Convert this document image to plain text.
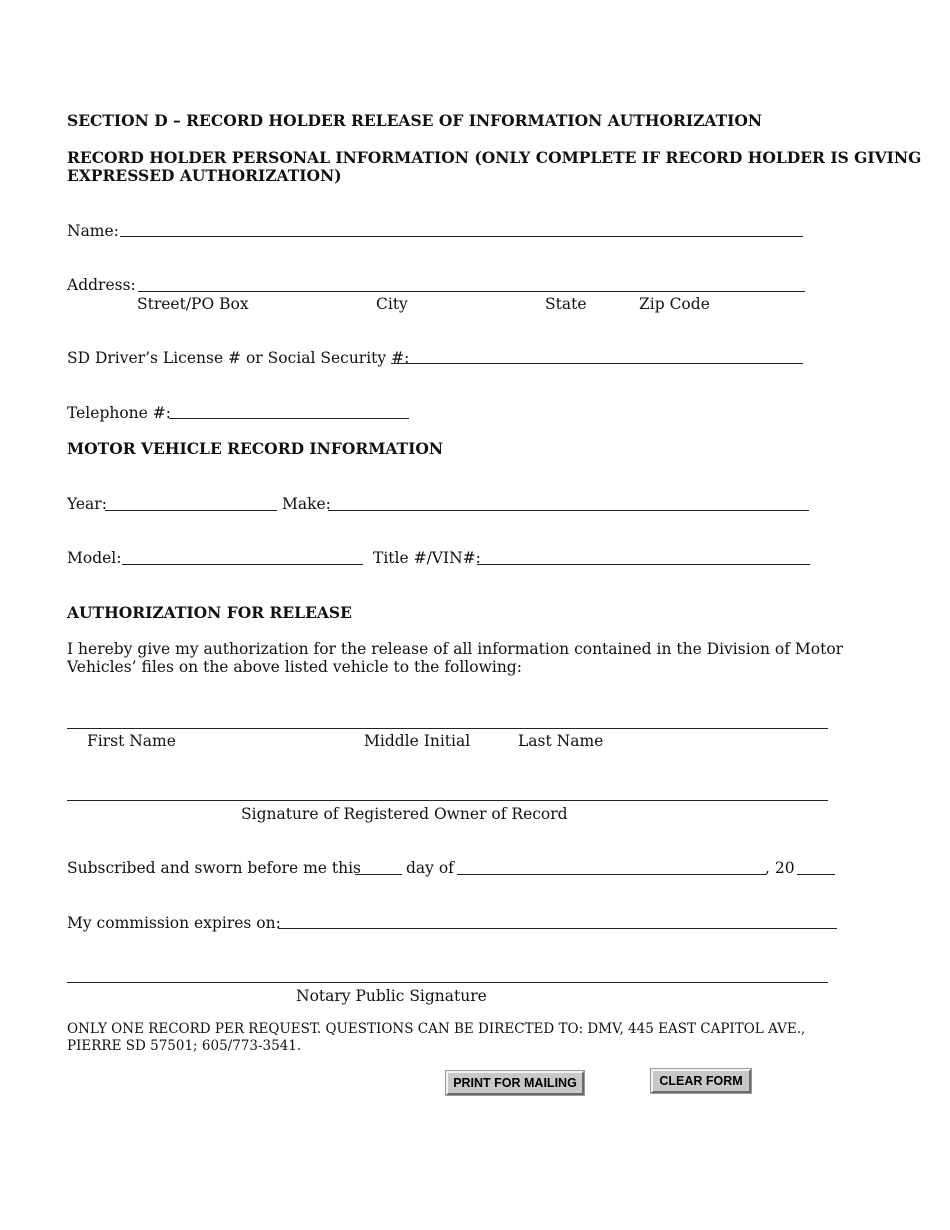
SECTION D – RECORD HOLDER RELEASE OF INFORMATION AUTHORIZATION
RECORD HOLDER PERSONAL INFORMATION (ONLY COMPLETE IF RECORD HOLDER IS GIVING
EXPRESSED AUTHORIZATION)
Name:
Address:
Street/PO Box	City	State	Zip Code
SD Driver’s License # or Social Security #:
Telephone #:
MOTOR VEHICLE RECORD INFORMATION
Year:	Make:
Model:	Title #/VIN#:
AUTHORIZATION FOR RELEASE
I hereby give my authorization for the release of all information contained in the Division of Motor
Vehicles’ files on the above listed vehicle to the following:
First Name	Middle Initial	Last Name
Signature of Registered Owner of Record
Subscribed and sworn before me this	day of	, 20
My commission expires on:
Notary Public Signature
ONLY ONE RECORD PER REQUEST. QUESTIONS CAN BE DIRECTED TO: DMV, 445 EAST CAPITOL AVE.,
PIERRE SD 57501; 605/773-3541.
PRINT FOR MAILING	CLEAR FORM
